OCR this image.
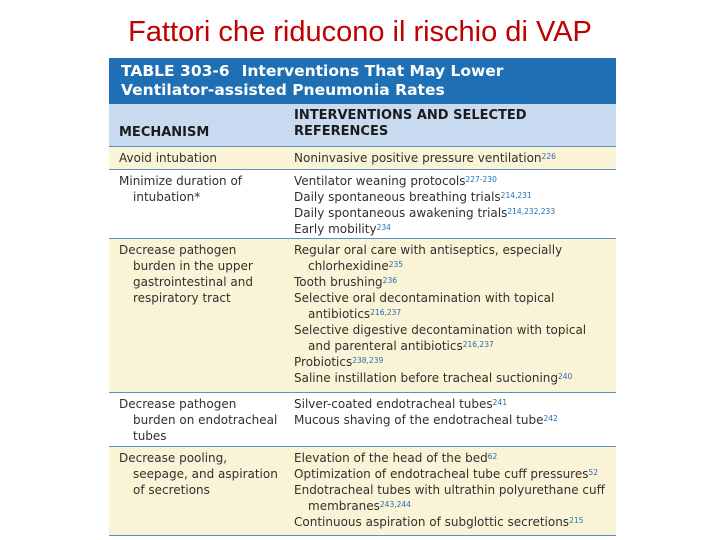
Fattori che riducono il rischio di VAP
TABLE 303-6 Interventions That May Lower
Ventilator-assisted Pneumonia Rates
MECHANISM
INTERVENTIONS AND SELECTED
REFERENCES
Avoid intubation	Noninvasive positive pressure ventilation$^{226}$
Minimize duration of intubation*
Ventilator weaning protocols$^{227-230}$
Daily spontaneous breathing trials$^{214,231}$
Daily spontaneous awakening trials$^{214,232,233}$
Early mobility$^{234}$
Decrease pathogen burden in the upper gastrointestinal and respiratory tract
Regular oral care with antiseptics, especially chlorhexidine$^{235}$
Tooth brushing$^{236}$
Selective oral decontamination with topical antibiotics$^{216,237}$
Selective digestive decontamination with topical and parenteral antibiotics$^{216,237}$
Probiotics$^{238,239}$
Saline instillation before tracheal suctioning$^{240}$
Decrease pathogen burden on endotracheal tubes
Silver-coated endotracheal tubes$^{241}$
Mucous shaving of the endotracheal tube$^{242}$
Decrease pooling, seepage, and aspiration of secretions
Elevation of the head of the bed$^{62}$
Optimization of endotracheal tube cuff pressures$^{52}$
Endotracheal tubes with ultrathin polyurethane cuff membranes$^{243,244}$
Continuous aspiration of subglottic secretions$^{215}$
